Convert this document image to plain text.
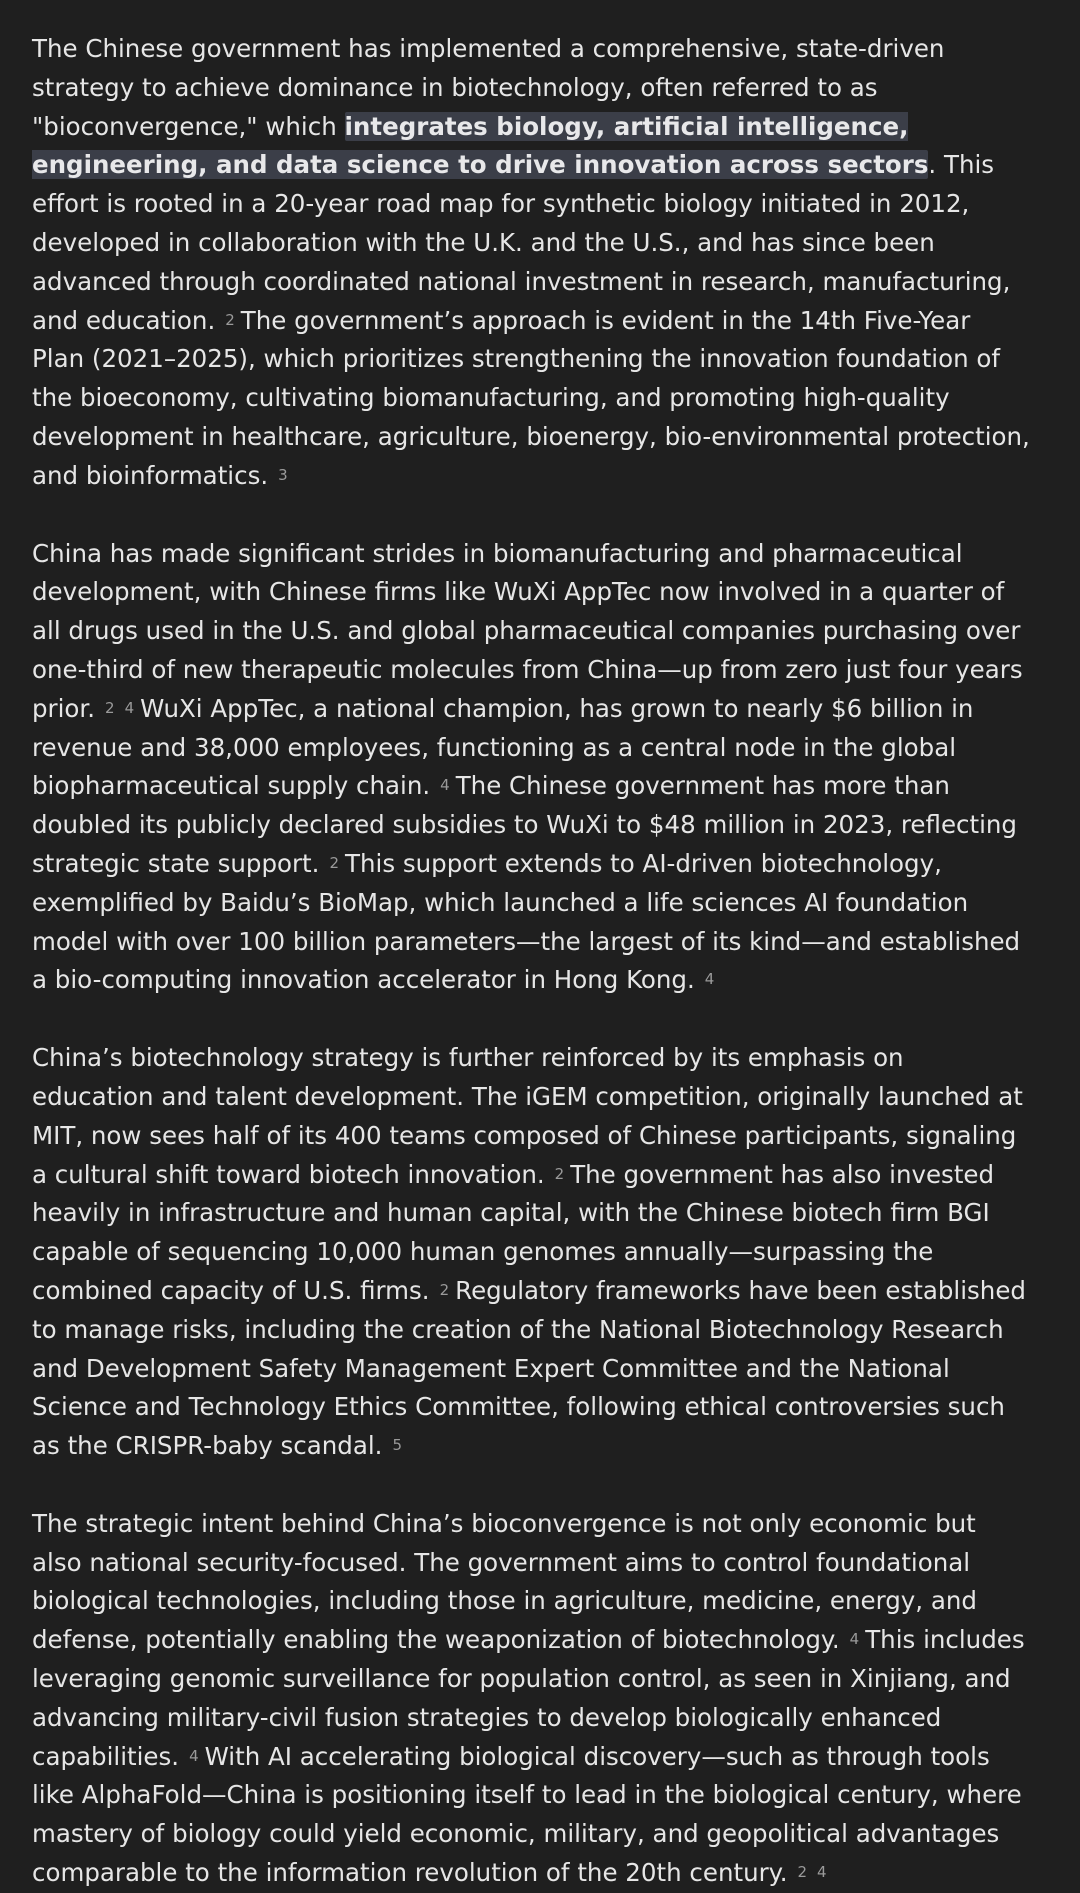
The Chinese government has implemented a comprehensive, state-driven strategy to achieve dominance in biotechnology, often referred to as "bioconvergence," which integrates biology, artificial intelligence, engineering, and data science to drive innovation across sectors. This effort is rooted in a 20-year road map for synthetic biology initiated in 2012, developed in collaboration with the U.K. and the U.S., and has since been advanced through coordinated national investment in research, manufacturing, and education. 2 The government’s approach is evident in the 14th Five-Year Plan (2021–2025), which prioritizes strengthening the innovation foundation of the bioeconomy, cultivating biomanufacturing, and promoting high-quality development in healthcare, agriculture, bioenergy, bio-environmental protection, and bioinformatics. 3

China has made significant strides in biomanufacturing and pharmaceutical development, with Chinese firms like WuXi AppTec now involved in a quarter of all drugs used in the U.S. and global pharmaceutical companies purchasing over one-third of new therapeutic molecules from China—up from zero just four years prior. 2 4 WuXi AppTec, a national champion, has grown to nearly $6 billion in revenue and 38,000 employees, functioning as a central node in the global biopharmaceutical supply chain. 4 The Chinese government has more than doubled its publicly declared subsidies to WuXi to $48 million in 2023, reflecting strategic state support. 2 This support extends to AI-driven biotechnology, exemplified by Baidu’s BioMap, which launched a life sciences AI foundation model with over 100 billion parameters—the largest of its kind—and established a bio-computing innovation accelerator in Hong Kong. 4

China’s biotechnology strategy is further reinforced by its emphasis on education and talent development. The iGEM competition, originally launched at MIT, now sees half of its 400 teams composed of Chinese participants, signaling a cultural shift toward biotech innovation. 2 The government has also invested heavily in infrastructure and human capital, with the Chinese biotech firm BGI capable of sequencing 10,000 human genomes annually—surpassing the combined capacity of U.S. firms. 2 Regulatory frameworks have been established to manage risks, including the creation of the National Biotechnology Research and Development Safety Management Expert Committee and the National Science and Technology Ethics Committee, following ethical controversies such as the CRISPR-baby scandal. 5

The strategic intent behind China’s bioconvergence is not only economic but also national security-focused. The government aims to control foundational biological technologies, including those in agriculture, medicine, energy, and defense, potentially enabling the weaponization of biotechnology. 4 This includes leveraging genomic surveillance for population control, as seen in Xinjiang, and advancing military-civil fusion strategies to develop biologically enhanced capabilities. 4 With AI accelerating biological discovery—such as through tools like AlphaFold—China is positioning itself to lead in the biological century, where mastery of biology could yield economic, military, and geopolitical advantages comparable to the information revolution of the 20th century. 2 4
